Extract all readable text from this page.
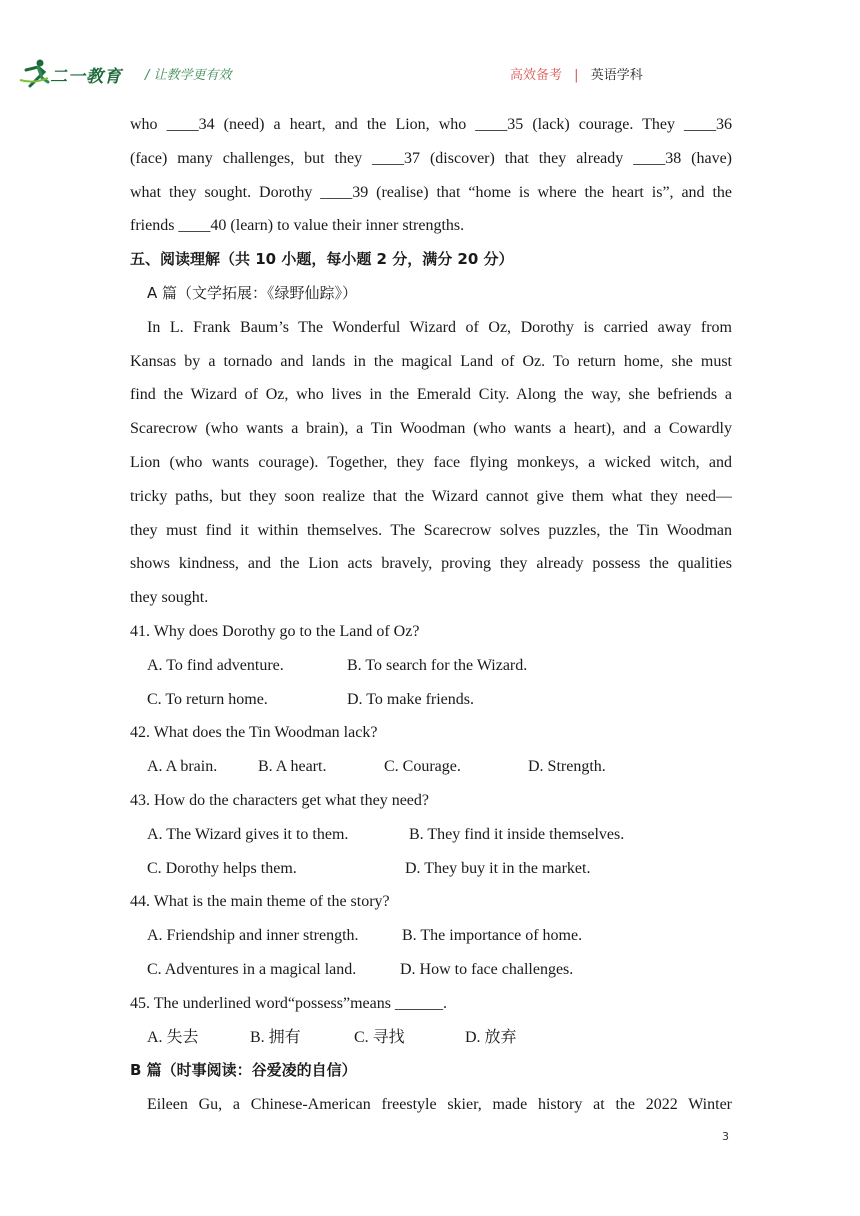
二一教育 / 让教学更有效	高效备考 | 英语学科
who ____34 (need) a heart, and the Lion, who ____35 (lack) courage. They ____36
(face) many challenges, but they ____37 (discover) that they already ____38 (have)
what they sought. Dorothy ____39 (realise) that “home is where the heart is”, and the
friends ____40 (learn) to value their inner strengths.
五、阅读理解（共 10 小题，每小题 2 分，满分 20 分）
A 篇（文学拓展：《绿野仙踪》）
In L. Frank Baum’s The Wonderful Wizard of Oz, Dorothy is carried away from
Kansas by a tornado and lands in the magical Land of Oz. To return home, she must
find the Wizard of Oz, who lives in the Emerald City. Along the way, she befriends a
Scarecrow (who wants a brain), a Tin Woodman (who wants a heart), and a Cowardly
Lion (who wants courage). Together, they face flying monkeys, a wicked witch, and
tricky paths, but they soon realize that the Wizard cannot give them what they need—
they must find it within themselves. The Scarecrow solves puzzles, the Tin Woodman
shows kindness, and the Lion acts bravely, proving they already possess the qualities
they sought.
41. Why does Dorothy go to the Land of Oz?
A. To find adventure.	B. To search for the Wizard.
C. To return home.	D. To make friends.
42. What does the Tin Woodman lack?
A. A brain.	B. A heart.	C. Courage.	D. Strength.
43. How do the characters get what they need?
A. The Wizard gives it to them.	B. They find it inside themselves.
C. Dorothy helps them.	D. They buy it in the market.
44. What is the main theme of the story?
A. Friendship and inner strength.	B. The importance of home.
C. Adventures in a magical land.	D. How to face challenges.
45. The underlined word“possess”means ______.
A. 失去	B. 拥有	C. 寻找	D. 放弃
B 篇（时事阅读：谷爱凌的自信）
Eileen Gu, a Chinese-American freestyle skier, made history at the 2022 Winter
3
